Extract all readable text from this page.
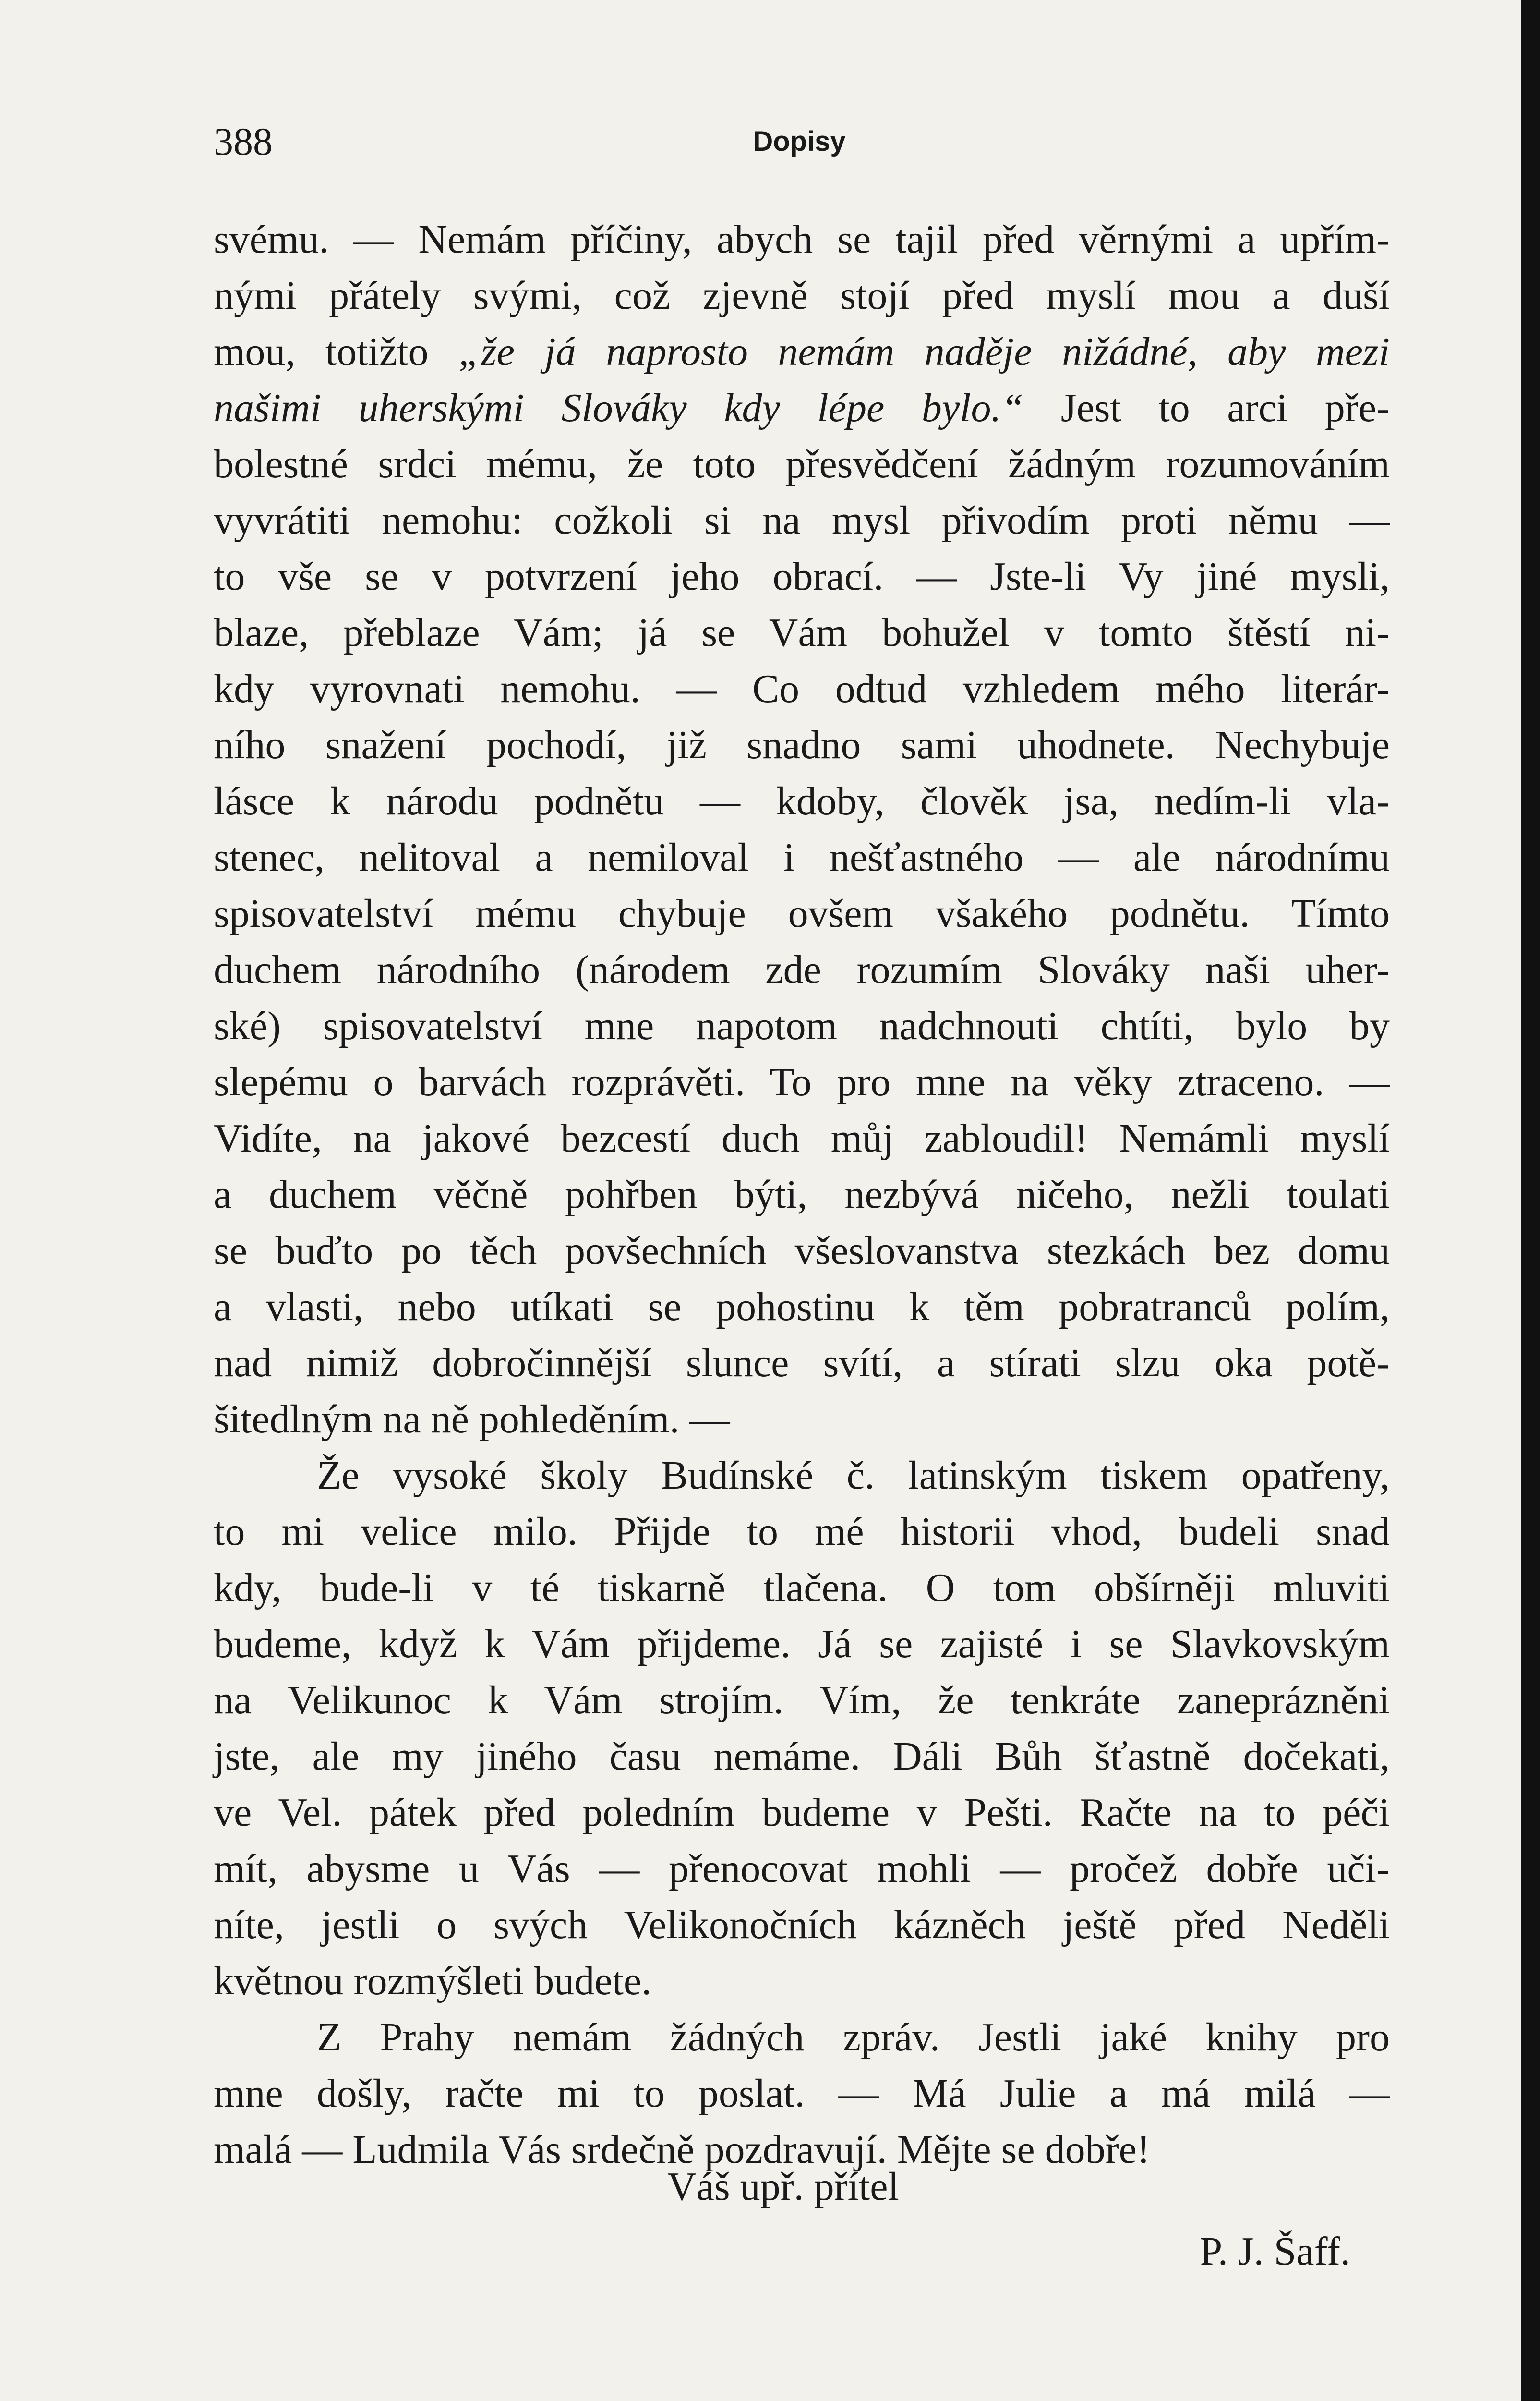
388	Dopisy
svému. — Nemám příčiny, abych se tajil před věrnými a upřím-
nými přátely svými, což zjevně stojí před myslí mou a duší
mou, totižto „že já naprosto nemám naděje nižádné, aby mezi
našimi uherskými Slováky kdy lépe bylo.“ Jest to arci pře-
bolestné srdci mému, že toto přesvědčení žádným rozumováním
vyvrátiti nemohu: cožkoli si na mysl přivodím proti němu —
to vše se v potvrzení jeho obrací. — Jste-li Vy jiné mysli,
blaze, přeblaze Vám; já se Vám bohužel v tomto štěstí ni-
kdy vyrovnati nemohu. — Co odtud vzhledem mého literár-
ního snažení pochodí, již snadno sami uhodnete. Nechybuje
lásce k národu podnětu — kdoby, člověk jsa, nedím-li vla-
stenec, nelitoval a nemiloval i nešťastného — ale národnímu
spisovatelství mému chybuje ovšem všakého podnětu. Tímto
duchem národního (národem zde rozumím Slováky naši uher-
ské) spisovatelství mne napotom nadchnouti chtíti, bylo by
slepému o barvách rozprávěti. To pro mne na věky ztraceno. —
Vidíte, na jakové bezcestí duch můj zabloudil! Nemámli myslí
a duchem věčně pohřben býti, nezbývá ničeho, nežli toulati
se buďto po těch povšechních všeslovanstva stezkách bez domu
a vlasti, nebo utíkati se pohostinu k těm pobratranců polím,
nad nimiž dobročinnější slunce svítí, a stírati slzu oka potě-
šitedlným na ně pohleděním. —
Že vysoké školy Budínské č. latinským tiskem opatřeny,
to mi velice milo. Přijde to mé historii vhod, budeli snad
kdy, bude-li v té tiskarně tlačena. O tom obšírněji mluviti
budeme, když k Vám přijdeme. Já se zajisté i se Slavkovským
na Velikunoc k Vám strojím. Vím, že tenkráte zaneprázněni
jste, ale my jiného času nemáme. Dáli Bůh šťastně dočekati,
ve Vel. pátek před poledním budeme v Pešti. Račte na to péči
mít, abysme u Vás — přenocovat mohli — pročež dobře uči-
níte, jestli o svých Velikonočních kázněch ještě před Neděli
květnou rozmýšleti budete.
Z Prahy nemám žádných zpráv. Jestli jaké knihy pro
mne došly, račte mi to poslat. — Má Julie a má milá —
malá — Ludmila Vás srdečně pozdravují. Mějte se dobře!
Váš upř. přítel
P. J. Šaff.
